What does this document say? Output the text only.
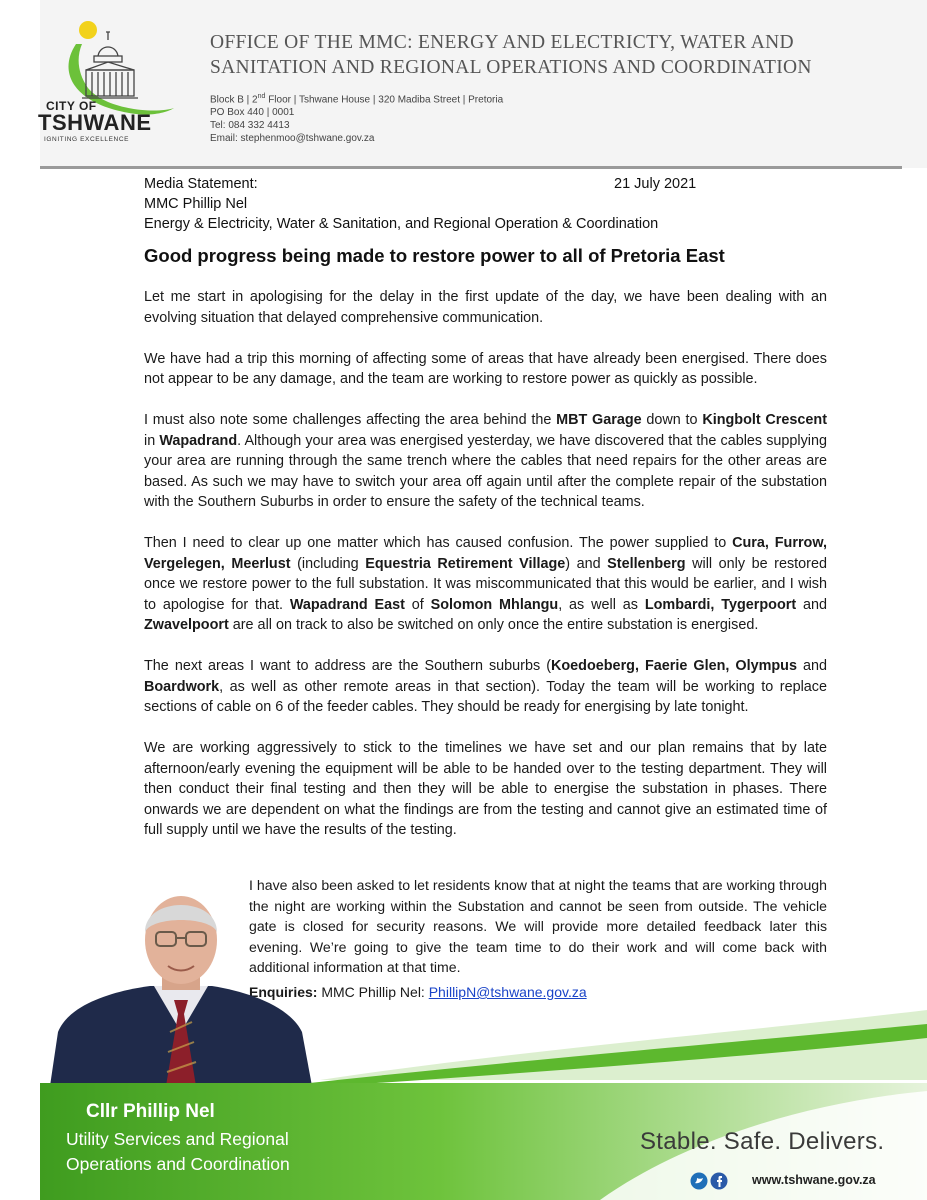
CITY OF
TSHWANE
IGNITING EXCELLENCE
OFFICE OF THE MMC: ENERGY AND ELECTRICTY, WATER AND
SANITATION AND REGIONAL OPERATIONS AND COORDINATION
Block B | 2nd Floor | Tshwane House | 320 Madiba Street | Pretoria
PO Box 440 | 0001
Tel: 084 332 4413
Email: stephenmoo@tshwane.gov.za
Media Statement:
MMC Phillip Nel
Energy & Electricity, Water & Sanitation, and Regional Operation & Coordination
21 July 2021
Good progress being made to restore power to all of Pretoria East

Let me start in apologising for the delay in the first update of the day, we have been dealing with an evolving situation that delayed comprehensive communication.

We have had a trip this morning of affecting some of areas that have already been energised. There does not appear to be any damage, and the team are working to restore power as quickly as possible.

I must also note some challenges affecting the area behind the MBT Garage down to Kingbolt Crescent in Wapadrand. Although your area was energised yesterday, we have discovered that the cables supplying your area are running through the same trench where the cables that need repairs for the other areas are based. As such we may have to switch your area off again until after the complete repair of the substation with the Southern Suburbs in order to ensure the safety of the technical teams.

Then I need to clear up one matter which has caused confusion. The power supplied to Cura, Furrow, Vergelegen, Meerlust (including Equestria Retirement Village) and Stellenberg will only be restored once we restore power to the full substation. It was miscommunicated that this would be earlier, and I wish to apologise for that. Wapadrand East of Solomon Mhlangu, as well as Lombardi, Tygerpoort and Zwavelpoort are all on track to also be switched on only once the entire substation is energised.

The next areas I want to address are the Southern suburbs (Koedoeberg, Faerie Glen, Olympus and Boardwork, as well as other remote areas in that section). Today the team will be working to replace sections of cable on 6 of the feeder cables. They should be ready for energising by late tonight.

We are working aggressively to stick to the timelines we have set and our plan remains that by late afternoon/early evening the equipment will be able to be handed over to the testing department. They will then conduct their final testing and then they will be able to energise the substation in phases. There onwards we are dependent on what the findings are from the testing and cannot give an estimated time of full supply until we have the results of the testing.

I have also been asked to let residents know that at night the teams that are working through the night are working within the Substation and cannot be seen from outside. The vehicle gate is closed for security reasons. We will provide more detailed feedback later this evening. We’re going to give the team time to do their work and will come back with additional information at that time.
Enquiries: MMC Phillip Nel: PhillipN@tshwane.gov.za
Cllr Phillip Nel
Utility Services and Regional
Operations and Coordination
Stable. Safe. Delivers.
www.tshwane.gov.za
